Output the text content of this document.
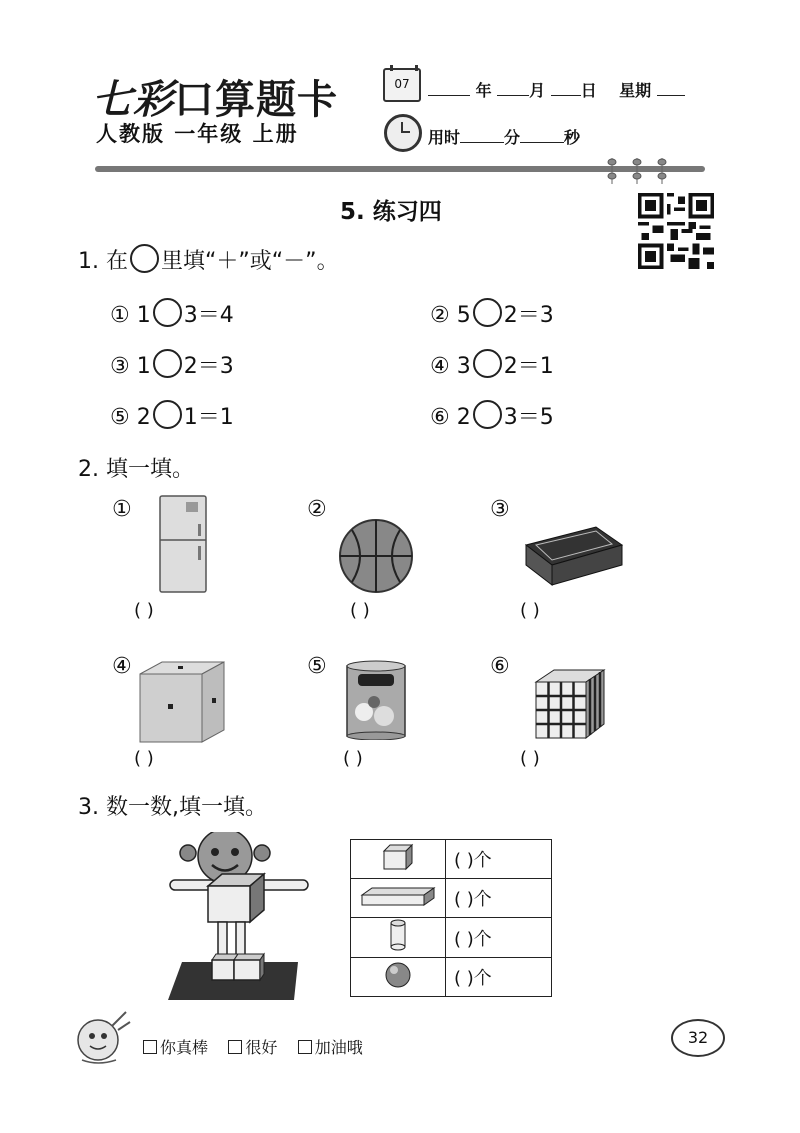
七彩口算题卡
人教版 一年级 上册
07	年 月 日 星期
用时	分	秒
5. 练习四
1. 在 里填“＋”或“－”。
① 1 3＝4	② 5 2＝3
③ 1 2＝3	④ 3 2＝1
⑤ 2 1＝1	⑥ 2 3＝5
2. 填一填。
①
( )
②
( )
③
( )
④
( )
⑤
( )
⑥
( )
3. 数一数,填一填。
	( )个
	( )个
	( )个
	( )个
你真棒 很好 加油哦
32
